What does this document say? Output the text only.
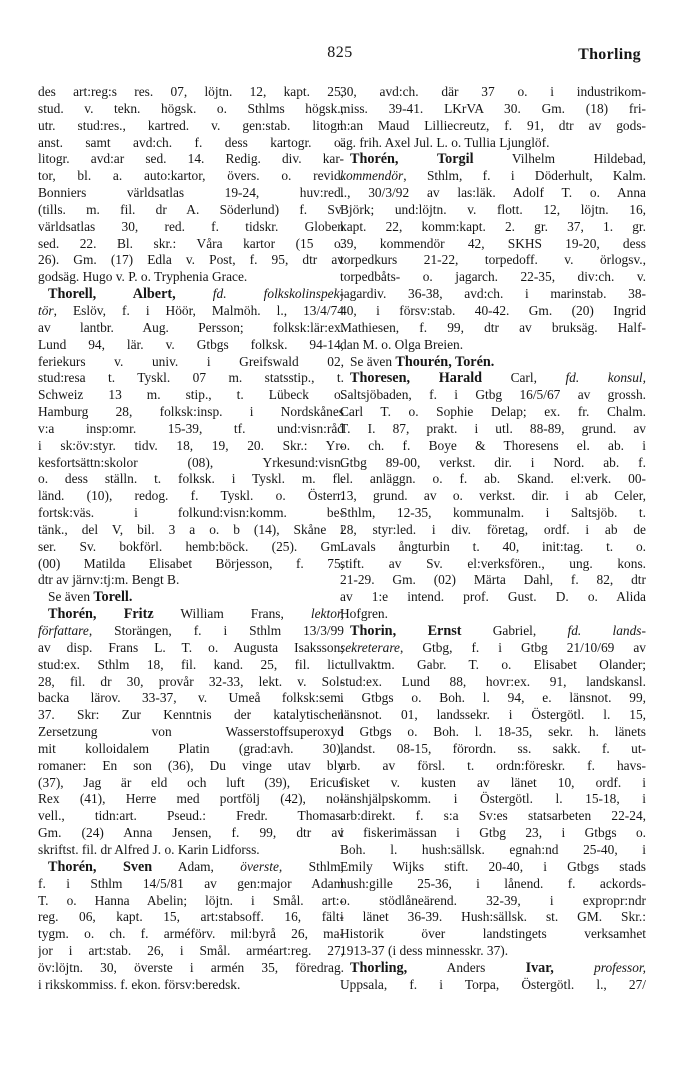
825	Thorling
des art:reg:s res. 07, löjtn. 12, kapt. 25,
stud. v. tekn. högsk. o. Sthlms högsk.,
utr. stud:res., kartred. v. gen:stab. litogr.
anst. samt avd:ch. f. dess kartogr. o.
litogr. avd:ar sed. 14. Redig. div. kar-
tor, bl. a. auto:kartor, övers. o. revid.
Bonniers världsatlas 19-24, huv:red.
(tills. m. fil. dr A. Söderlund) f. Sv.
världsatlas 30, red. f. tidskr. Globen
sed. 22. Bl. skr.: Våra kartor (15 o.
26). Gm. (17) Edla v. Post, f. 95, dtr av
godsäg. Hugo v. P. o. Tryphenia Grace.
Thorell, Albert,	fd. folkskolinspek-
tör, Eslöv, f. i Höör, Malmöh. l., 13/4/74
av lantbr. Aug. Persson; folksk:lär:ex.
Lund 94, lär. v. Gtbgs folksk. 94-14,
feriekurs v. univ. i Greifswald 02,
stud:resa t. Tyskl. 07 m. statsstip., t.
Schweiz 13 m. stip., t. Lübeck o.
Hamburg 28, folksk:insp. i Nordskånes
v:a insp:omr. 15-39, tf. und:visn:råd
i sk:öv:styr. tidv. 18, 19, 20. Skr.: Yr-
kesfortsättn:skolor (08), Yrkesund:visn.
o. dess ställn. t. folksk. i Tyskl. m. fl.
länd. (10), redog. f. Tyskl. o. Österr.
fortsk:väs. i folkund:visn:komm. be-
tänk., del V, bil. 3 a o. b (14), Skåne i
ser. Sv. bokförl. hemb:böck. (25). Gm.
(00) Matilda Elisabet Börjesson, f. 75,
dtr av järnv:tj:m. Bengt B.
Se även Torell.
Thorén, Fritz William Frans, lektor,
författare, Storängen, f. i Sthlm 13/3/99
av disp. Frans L. T. o. Augusta Isaksson;
stud:ex. Sthlm 18, fil. kand. 25, fil. lic.
28, fil. dr 30, provår 32-33, lekt. v. Sol-
backa lärov. 33-37, v. Umeå folksk:sem.
37. Skr: Zur Kenntnis der katalytischen
Zersetzung von Wasserstoffsuperoxyd
mit kolloidalem Platin (grad:avh. 30),
romaner: En son (36), Du vinge utav bly
(37), Jag är eld och luft (39), Ericus
Rex (41), Herre med portfölj (42), no-
vell., tidn:art. Pseud.: Fredr. Thomas.
Gm. (24) Anna Jensen, f. 99, dtr av
skriftst. fil. dr Alfred J. o. Karin Lidforss.
Thorén, Sven Adam, överste, Sthlm,
f. i Sthlm 14/5/81 av gen:major Adam
T. o. Hanna Abelin; löjtn. i Smål. art:-
reg. 06, kapt. 15, art:stabsoff. 16, fält-
tygm. o. ch. f. arméförv. mil:byrå 26, ma-
jor i art:stab. 26, i Smål. arméart:reg. 27,
öv:löjtn. 30, överste i armén 35, föredrag.
i rikskommiss. f. ekon. försv:beredsk.
30, avd:ch. där 37 o. i industrikom-
miss. 39-41. LKrVA 30. Gm. (18) fri-
h:an Maud Lilliecreutz, f. 91, dtr av gods-
äg. frih. Axel Jul. L. o. Tullia Ljunglöf.
Thorén, Torgil	Vilhelm Hildebad,
kommendör, Sthlm, f. i Döderhult, Kalm.
l., 30/3/92 av las:läk. Adolf T. o. Anna
Björk; und:löjtn. v. flott. 12, löjtn. 16,
kapt. 22, komm:kapt. 2. gr. 37, 1. gr.
39, kommendör 42, SKHS 19-20, dess
torpedkurs 21-22, torpedoff. v. örlogsv.,
torpedbåts- o. jagarch. 22-35, div:ch. v.
jagardiv. 36-38, avd:ch. i marinstab. 38-
40, i försv:stab. 40-42. Gm. (20) Ingrid
Mathiesen, f. 99, dtr av bruksäg. Half-
dan M. o. Olga Breien.
Se även Thourén, Torén.
Thoresen, Harald Carl, fd. konsul,
Saltsjöbaden, f. i Gtbg 16/5/67 av grossh.
Carl T. o. Sophie Delap; ex. fr. Chalm.
T. I. 87, prakt. i utl. 88-89, grund. av
o. ch. f. Boye & Thoresens el. ab. i
Gtbg 89-00, verkst. dir. i Nord. ab. f.
el. anläggn. o. f. ab. Skand. el:verk. 00-
13, grund. av o. verkst. dir. i ab Celer,
Sthlm, 12-35, kommunalm. i Saltsjöb. t.
28, styr:led. i div. företag, ordf. i ab de
Lavals ångturbin t. 40, init:tag. t. o.
stift. av Sv. el:verksfören., ung. kons.
21-29. Gm. (02) Märta Dahl, f. 82, dtr
av 1:e intend. prof. Gust. D. o. Alida
Hofgren.
Thorin, Ernst Gabriel, fd. lands-
sekreterare, Gtbg, f. i Gtbg 21/10/69 av
tullvaktm. Gabr. T. o. Elisabet Olander;
stud:ex. Lund 88, hovr:ex. 91, landskansl.
i Gtbgs o. Boh. l. 94, e. länsnot. 99,
länsnot. 01, landssekr. i Östergötl. l. 15,
i Gtbgs o. Boh. l. 18-35, sekr. h. länets
landst. 08-15, förordn. ss. sakk. f. ut-
arb. av försl. t. ordn:föreskr. f. havs-
fisket v. kusten av länet 10, ordf. i
länshjälpskomm. i Östergötl. l. 15-18, i
arb:direkt. f. s:a Sv:es statsarbeten 22-24,
i fiskerimässan i Gtbg 23, i Gtbgs o.
Boh. l. hush:sällsk. egnah:nd 25-40, i
Emily Wijks stift. 20-40, i Gtbgs stads
hush:gille 25-36, i lånend. f. ackords-
o. stödlåneärend. 32-39, i expropr:ndr
i länet 36-39. Hush:sällsk. st. GM. Skr.:
Historik över landstingets verksamhet
1913-37 (i dess minnesskr. 37).
Thorling,	Anders Ivar,	professor,
Uppsala, f. i Torpa, Östergötl. l., 27/
